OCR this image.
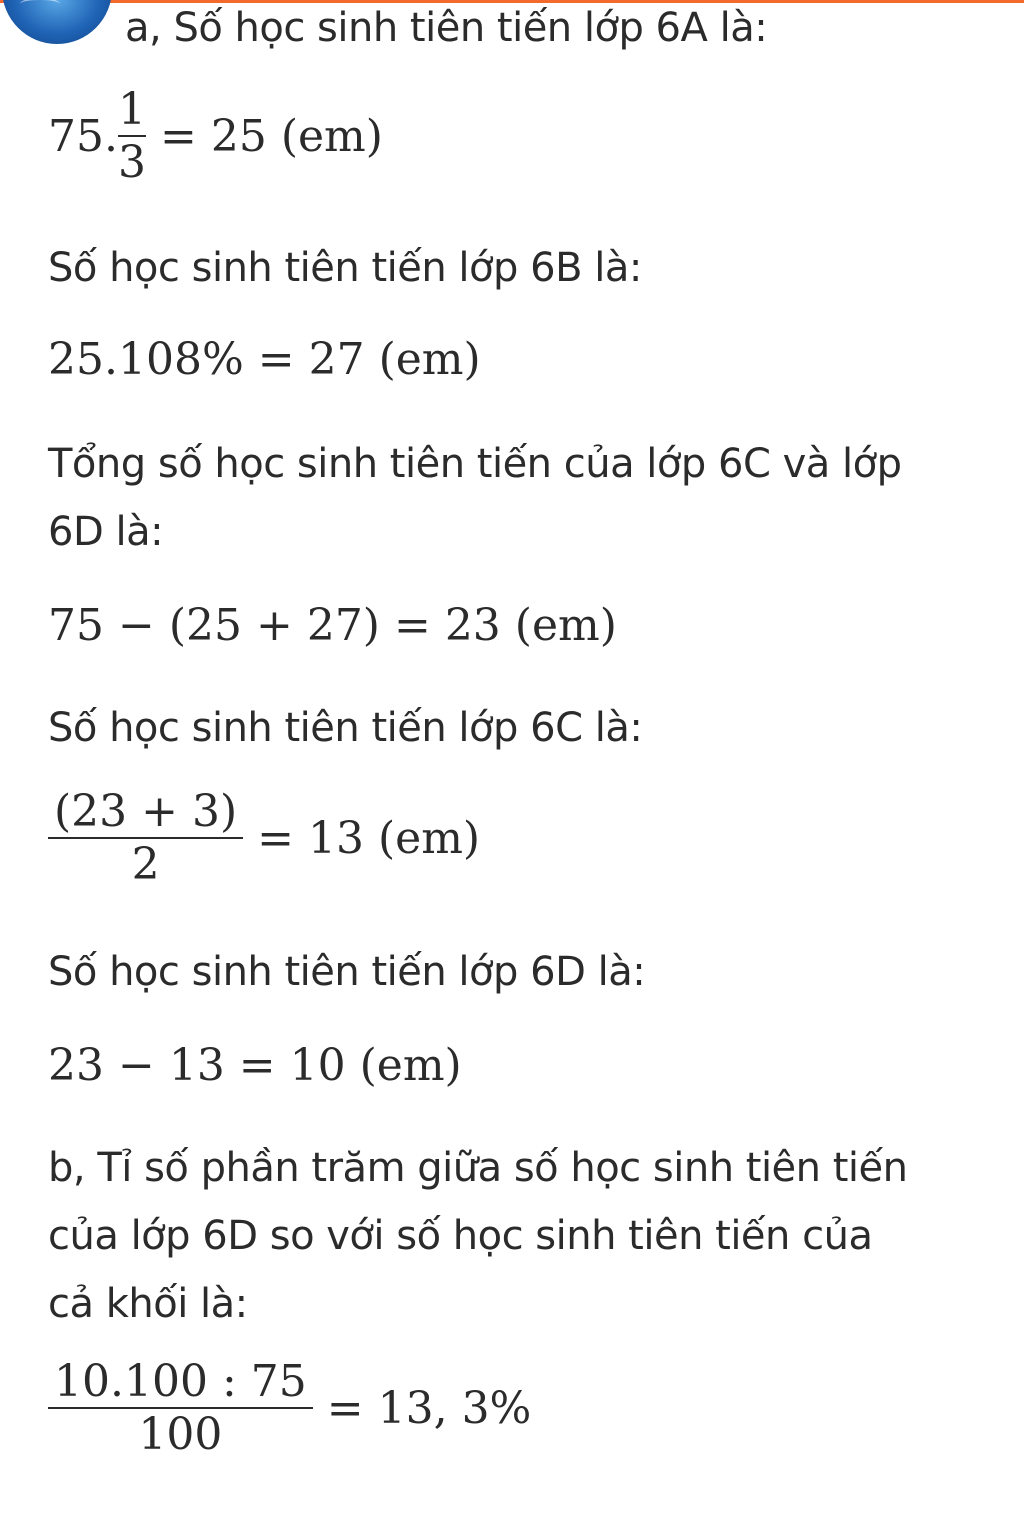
a, Số học sinh tiên tiến lớp 6A là:
75. $\frac{1}{3} = 25$ (em)
Số học sinh tiên tiến lớp 6B là:
25.108% = 27 (em)
Tổng số học sinh tiên tiến của lớp 6C và lớp
6D là:
75 − (25 + 27) = 23 (em)
Số học sinh tiên tiến lớp 6C là:
$\frac{(23 + 3)}{2} = 13$ (em)
Số học sinh tiên tiến lớp 6D là:
23 − 13 = 10 (em)
b, Tỉ số phần trăm giữa số học sinh tiên tiến
của lớp 6D so với số học sinh tiên tiến của
cả khối là:
$\frac{10.100 : 75}{100} = 13$, 3%
